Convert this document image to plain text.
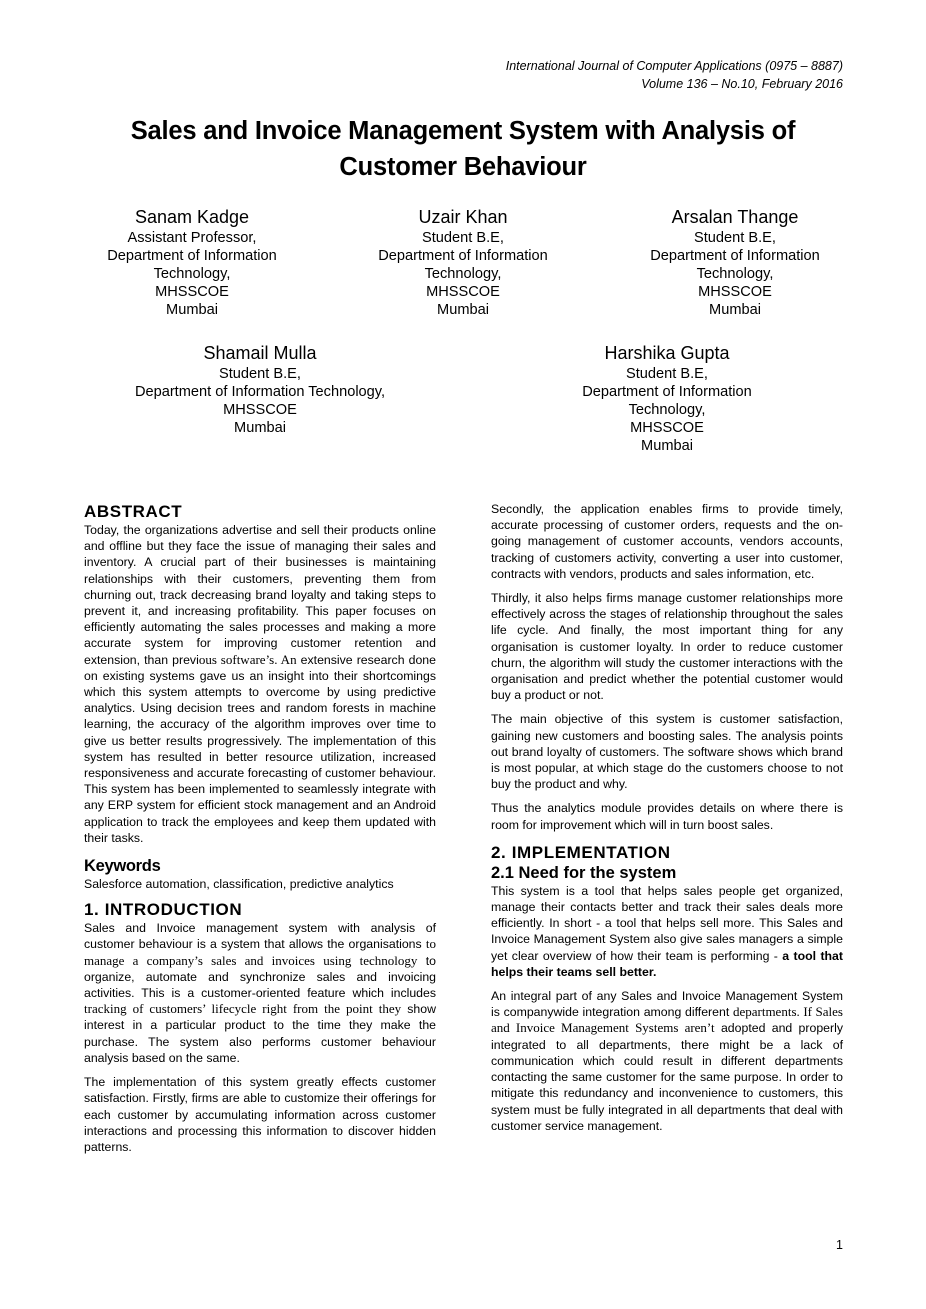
International Journal of Computer Applications (0975 – 8887)
Volume 136 – No.10, February 2016
Sales and Invoice Management System with Analysis of
Customer Behaviour
Sanam Kadge
Assistant Professor,
Department of Information
Technology,
MHSSCOE
Mumbai
Uzair Khan
Student B.E,
Department of Information
Technology,
MHSSCOE
Mumbai
Arsalan Thange
Student B.E,
Department of Information
Technology,
MHSSCOE
Mumbai
Shamail Mulla
Student B.E,
Department of Information Technology,
MHSSCOE
Mumbai
Harshika Gupta
Student B.E,
Department of Information
Technology,
MHSSCOE
Mumbai
ABSTRACT

Today, the organizations advertise and sell their products online and offline but they face the issue of managing their sales and inventory. A crucial part of their businesses is maintaining relationships with their customers, preventing them from churning out, track decreasing brand loyalty and taking steps to prevent it, and increasing profitability. This paper focuses on efficiently automating the sales processes and making a more accurate system for improving customer retention and extension, than previous software’s. An extensive research done on existing systems gave us an insight into their shortcomings which this system attempts to overcome by using predictive analytics. Using decision trees and random forests in machine learning, the accuracy of the algorithm improves over time to give us better results progressively. The implementation of this system has resulted in better resource utilization, increased responsiveness and accurate forecasting of customer behaviour. This system has been implemented to seamlessly integrate with any ERP system for efficient stock management and an Android application to track the employees and keep them updated with their tasks.

Keywords

Salesforce automation, classification, predictive analytics

1. INTRODUCTION

Sales and Invoice management system with analysis of customer behaviour is a system that allows the organisations to manage a company’s sales and invoices using technology to organize, automate and synchronize sales and invoicing activities. This is a customer-oriented feature which includes tracking of customers’ lifecycle right from the point they show interest in a particular product to the time they make the purchase. The system also performs customer behaviour analysis based on the same.

The implementation of this system greatly effects customer satisfaction. Firstly, firms are able to customize their offerings for each customer by accumulating information across customer interactions and processing this information to discover hidden patterns.

Secondly, the application enables firms to provide timely, accurate processing of customer orders, requests and the on-going management of customer accounts, vendors accounts, tracking of customers activity, converting a user into customer, contracts with vendors, products and sales information, etc.

Thirdly, it also helps firms manage customer relationships more effectively across the stages of relationship throughout the sales life cycle. And finally, the most important thing for any organisation is customer loyalty. In order to reduce customer churn, the algorithm will study the customer interactions with the organisation and predict whether the potential customer would buy a product or not.

The main objective of this system is customer satisfaction, gaining new customers and boosting sales. The analysis points out brand loyalty of customers. The software shows which brand is most popular, at which stage do the customers choose to not buy the product and why.

Thus the analytics module provides details on where there is room for improvement which will in turn boost sales.

2. IMPLEMENTATION
2.1 Need for the system

This system is a tool that helps sales people get organized, manage their contacts better and track their sales deals more efficiently. In short - a tool that helps sell more. This Sales and Invoice Management System also give sales managers a simple yet clear overview of how their team is performing - a tool that helps their teams sell better.

An integral part of any Sales and Invoice Management System is companywide integration among different departments. If Sales and Invoice Management Systems aren’t adopted and properly integrated to all departments, there might be a lack of communication which could result in different departments contacting the same customer for the same purpose. In order to mitigate this redundancy and inconvenience to customers, this system must be fully integrated in all departments that deal with customer service management.

1
